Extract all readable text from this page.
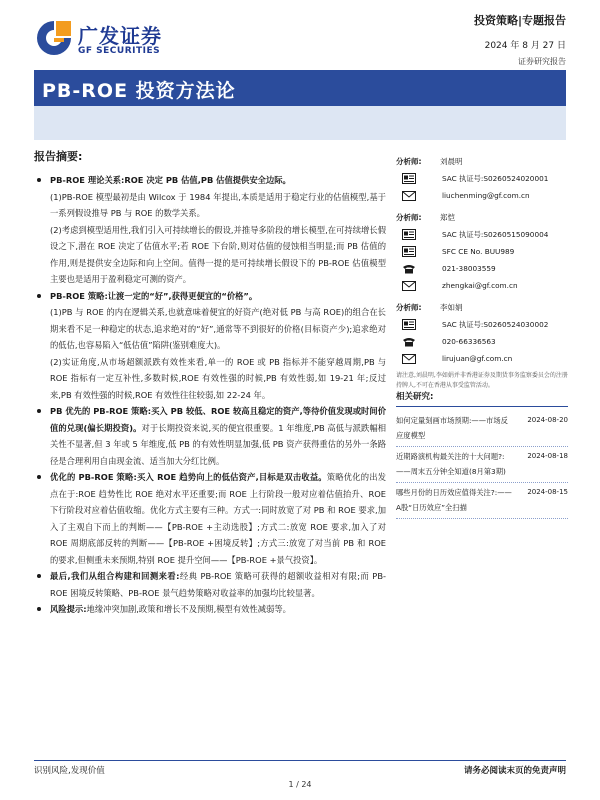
广发证券
GF SECURITIES
投资策略|专题报告
2024 年 8 月 27 日
证券研究报告
PB-ROE 投资方法论
报告摘要:
PB-ROE 理论关系:ROE 决定 PB 估值,PB 估值提供安全边际。
(1)PB-ROE 模型最初是由 Wilcox 于 1984 年提出,本质是适用于稳定行业的估值模型,基于一系列假设推导 PB 与 ROE 的数学关系。
(2)考虑到模型适用性,我们引入可持续增长的假设,并推导多阶段的增长模型,在可持续增长假设之下,潜在 ROE 决定了估值水平;若 ROE 下台阶,则对估值的侵蚀相当明显;而 PB 估值的作用,则是提供安全边际和向上空间。值得一提的是可持续增长假设下的 PB-ROE 估值模型主要也是适用于盈利稳定可测的资产。
PB-ROE 策略:让渡一定的“好”,获得更便宜的“价格”。
(1)PB 与 ROE 的内在逻辑关系,也就意味着便宜的好资产(绝对低 PB 与高 ROE)的组合在长期来看不足一种稳定的状态,追求绝对的“好”,通常等不到很好的价格(目标资产少);追求绝对的低估,也容易陷入“低估值”陷阱(鉴别难度大)。
(2)实证角度,从市场超额派跌有效性来看,单一的 ROE 或 PB 指标并不能穿越周期,PB 与 ROE 指标有一定互补性,多数时候,ROE 有效性强的时候,PB 有效性弱,如 19-21 年;反过来,PB 有效性强的时候,ROE 有效性往往较弱,如 22-24 年。
PB 优先的 PB-ROE 策略:买入 PB 较低、ROE 较高且稳定的资产,等待价值发现或时间价值的兑现(偏长期投资)。对于长期投资来说,买的便宜很重要。1 年维度,PB 高低与派跌幅相关性不显著,但 3 年或 5 年维度,低 PB 的有效性明显加强,低 PB 资产获得重估的另外一条路径是合理利用自由现金流、适当加大分红比例。
优化的 PB-ROE 策略:买入 ROE 趋势向上的低估资产,目标是双击收益。策略优化的出发点在于:ROE 趋势性比 ROE 绝对水平还重要;而 ROE 上行阶段一般对应着估值抬升、ROE 下行阶段对应着估值收缩。优化方式主要有三种。方式一:同时放宽了对 PB 和 ROE 要求,加入了主观自下而上的判断——【PB-ROE +主动选股】;方式二:放宽 ROE 要求,加入了对 ROE 周期底部反转的判断——【PB-ROE +困境反转】;方式三:放宽了对当前 PB 和 ROE 的要求,但侧重未来预期,特别 ROE 提升空间——【PB-ROE +景气投资】。
最后,我们从组合构建和回测来看:经典 PB-ROE 策略可获得的超额收益相对有限;而 PB-ROE 困境反转策略、PB-ROE 景气趋势策略对收益率的加强均比较显著。
风险提示:地缘冲突加剧,政策和增长不及预期,模型有效性减弱等。
分析师:	刘晨明
SAC 执证号:S0260524020001
liuchenming@gf.com.cn
分析师:	郑恺
SAC 执证号:S0260515090004
SFC CE No. BUU989
021-38003559
zhengkai@gf.com.cn
分析师:	李如娟
SAC 执证号:S0260524030002
020-66336563
lirujuan@gf.com.cn
请注意,刘晨明,李如娟并非香港证券及期货事务监察委员会的注册持牌人,不可在香港从事受监管活动。
相关研究:
如何定量刻画市场预期:——市场反应度模型
2024-08-20
近期路演机构最关注的十大问题?:——周末五分钟全知道(8月第3期)
2024-08-18
哪些月份的日历效应值得关注?:——A股“日历效应”全扫描
2024-08-15
识别风险,发现价值	请务必阅读末页的免责声明
1 / 24
